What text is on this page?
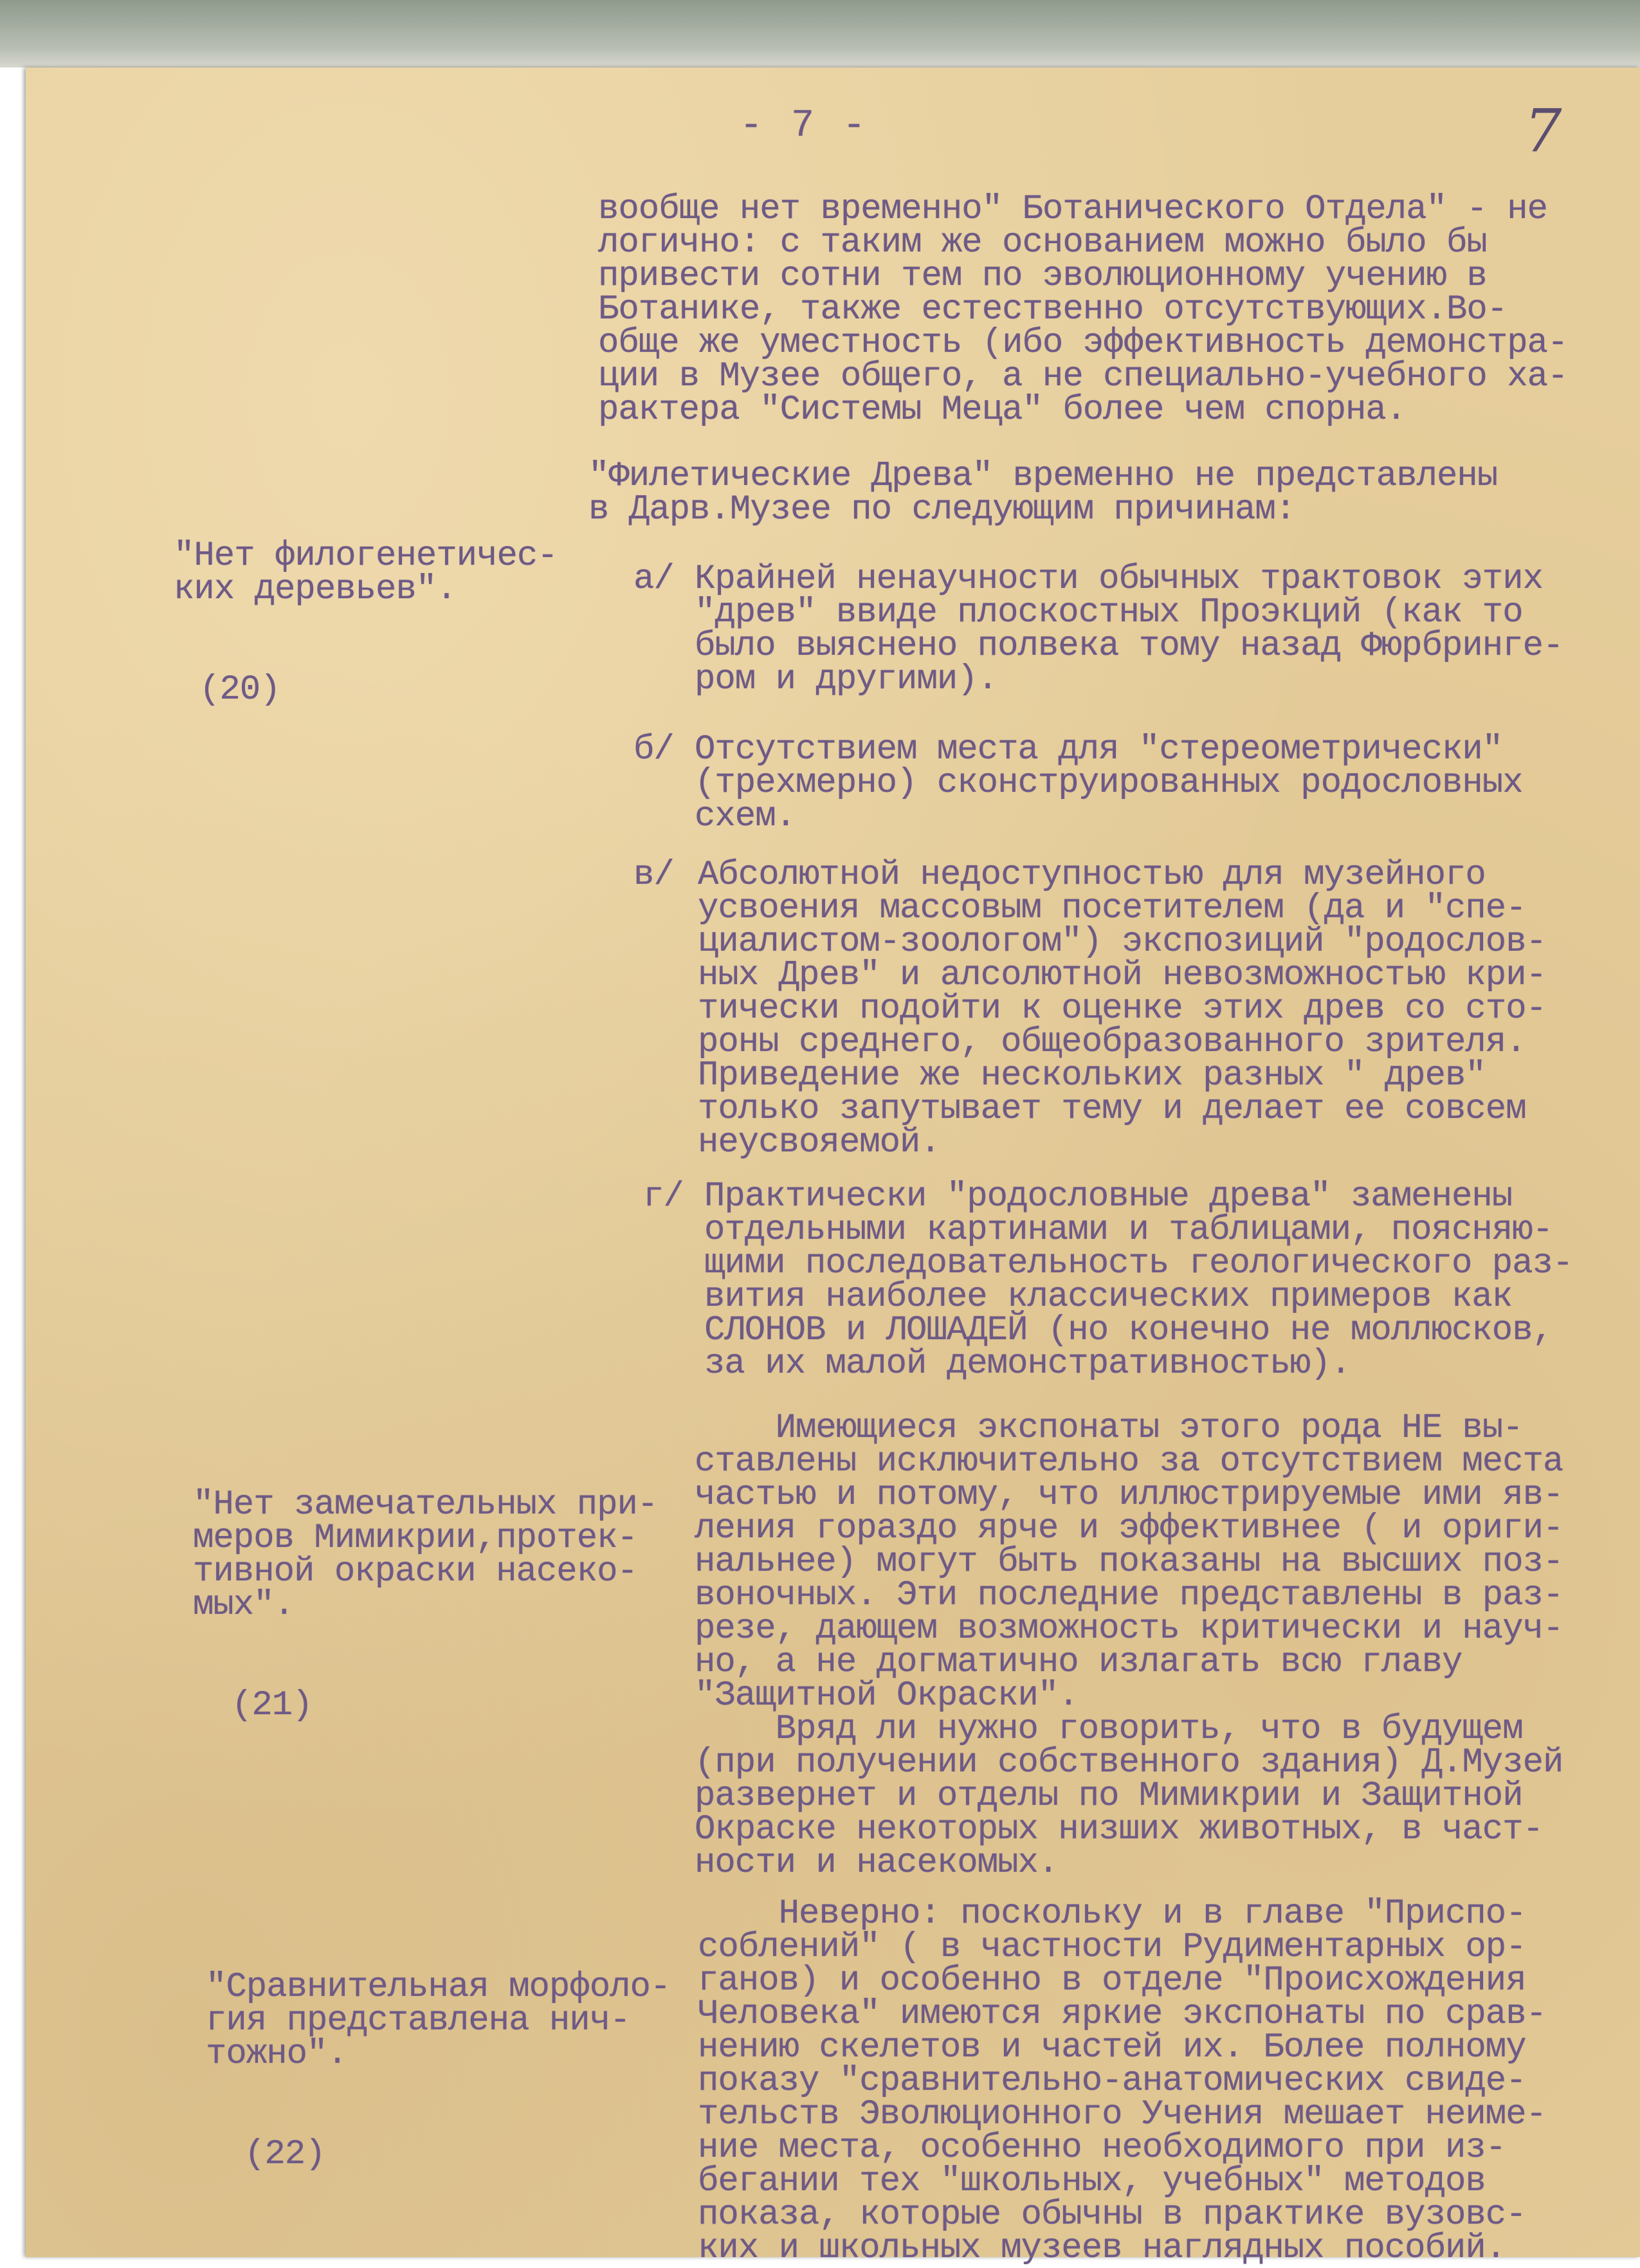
- 7 -	7
вообще нет временно" Ботанического Отдела" - не
логично: с таким же основанием можно было бы
привести сотни тем по эволюционному учению в
Ботанике, также естественно отсутствующих.Во-
обще же уместность (ибо эффективность демонстра-
ции в Музее общего, а не специально-учебного ха-
рактера "Системы Меца" более чем спорна.

"Нет филогенетичес-
ких деревьев".

(20)

"Филетические Древа" временно не представлены
в Дарв.Музее по следующим причинам:
а/ Крайней ненаучности обычных трактовок этих
"древ" ввиде плоскостных Проэкций (как то
было выяснено полвека тому назад Фюрбринге-
ром и другими).
б/ Отсутствием места для "стереометрически"
(трехмерно) сконструированных родословных
схем.
в/ Абсолютной недоступностью для музейного
усвоения массовым посетителем (да и "спе-
циалистом-зоологом") экспозиций "родослов-
ных Древ" и алсолютной невозможностью кри-
тически подойти к оценке этих древ со сто-
роны среднего, общеобразованного зрителя.
Приведение же нескольких разных " древ"
только запутывает тему и делает ее совсем
неусвояемой.
г/ Практически "родословные древа" заменены
отдельными картинами и таблицами, поясняю-
щими последовательность геологического раз-
вития наиболее классических примеров как
СЛОНОВ и ЛОШАДЕЙ (но конечно не моллюсков,
за их малой демонстративностью).

"Нет замечательных при-
меров Мимикрии,протек-
тивной окраски насеко-
мых".

(21)

Имеющиеся экспонаты этого рода НЕ вы-
ставлены исключительно за отсутствием места
частью и потому, что иллюстрируемые ими яв-
ления гораздо ярче и эффективнее ( и ориги-
нальнее) могут быть показаны на высших поз-
воночных. Эти последние представлены в раз-
резе, дающем возможность критически и науч-
но, а не догматично излагать всю главу
"Защитной Окраски".
Вряд ли нужно говорить, что в будущем
(при получении собственного здания) Д.Музей
развернет и отделы по Мимикрии и Защитной
Окраске некоторых низших животных, в част-
ности и насекомых.

"Сравнительная морфоло-
гия представлена нич-
тожно".

(22)

Неверно: поскольку и в главе "Приспо-
соблений" ( в частности Рудиментарных ор-
ганов) и особенно в отделе "Происхождения
Человека" имеются яркие экспонаты по срав-
нению скелетов и частей их. Более полному
показу "сравнительно-анатомических свиде-
тельств Эволюционного Учения мешает неиме-
ние места, особенно необходимого при из-
бегании тех "школьных, учебных" методов
показа, которые обычны в практике вузовс-
ких и школьных музеев наглядных пособий.
